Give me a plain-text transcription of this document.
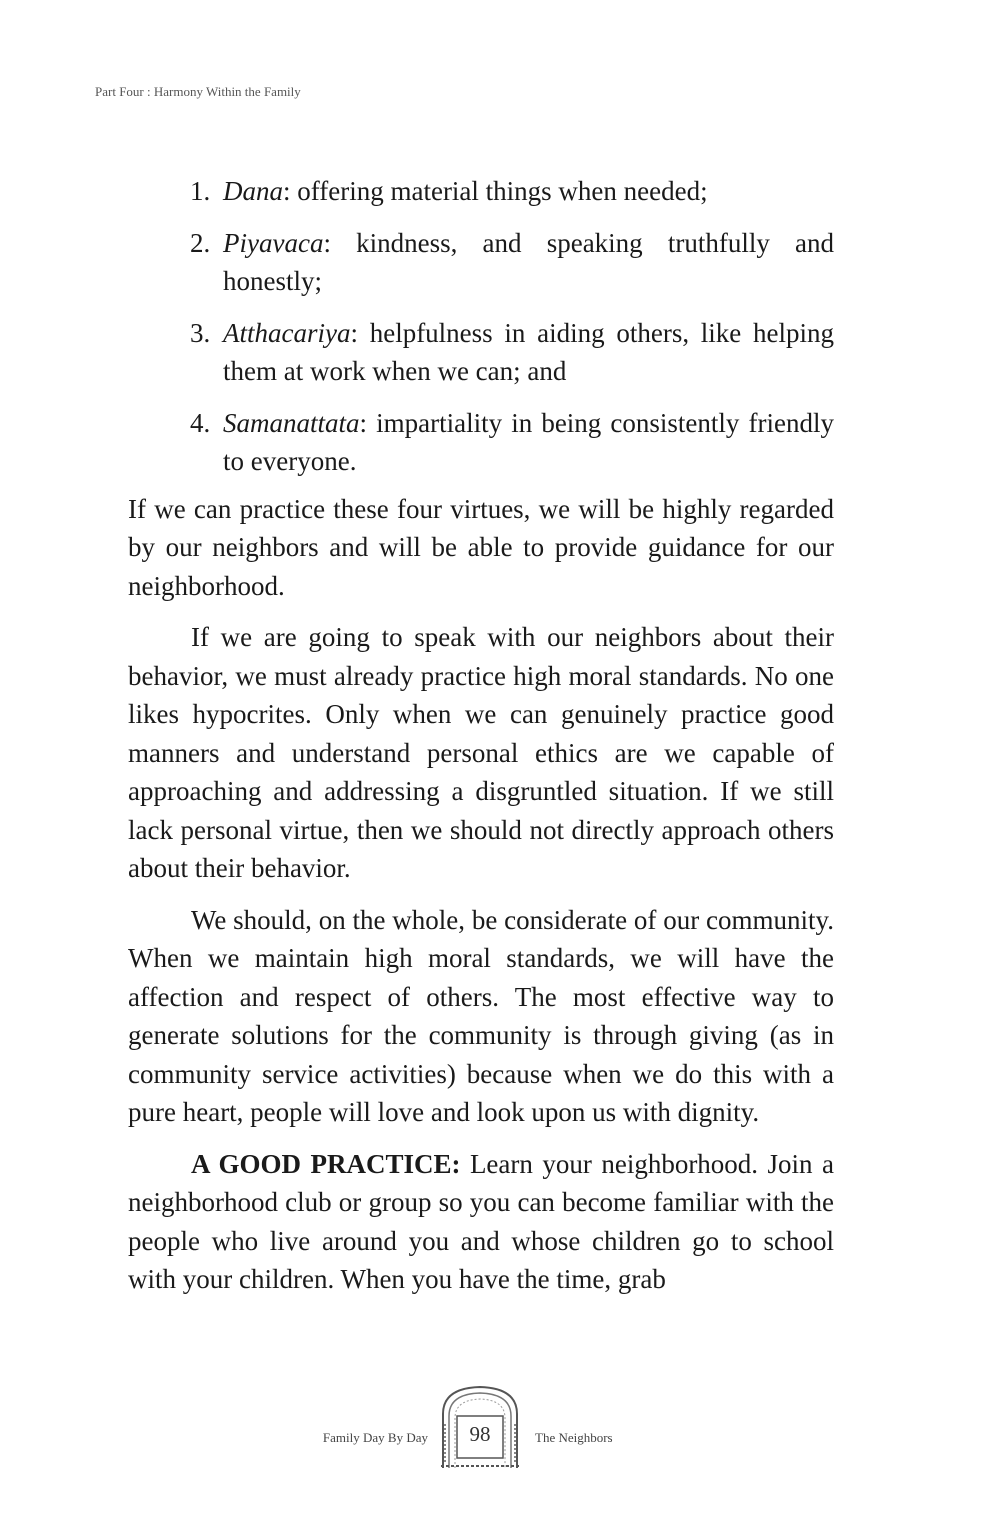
Part Four : Harmony Within the Family
1. Dana: offering material things when needed;
2. Piyavaca: kindness, and speaking truthfully and honestly;
3. Atthacariya: helpfulness in aiding others, like helping them at work when we can; and
4. Samanattata: impartiality in being consistently friendly to everyone.

If we can practice these four virtues, we will be highly regarded by our neighbors and will be able to provide guidance for our neighborhood.

If we are going to speak with our neighbors about their behavior, we must already practice high moral standards. No one likes hypocrites. Only when we can genuinely practice good manners and understand personal ethics are we capable of approaching and addressing a disgruntled situation. If we still lack personal virtue, then we should not directly approach others about their behavior.

We should, on the whole, be considerate of our community. When we maintain high moral standards, we will have the affection and respect of others. The most effective way to generate solutions for the community is through giving (as in community service activities) because when we do this with a pure heart, people will love and look upon us with dignity.

A GOOD PRACTICE: Learn your neighborhood. Join a neighborhood club or group so you can become familiar with the people who live around you and whose children go to school with your children. When you have the time, grab

Family Day By Day	98	The Neighbors
